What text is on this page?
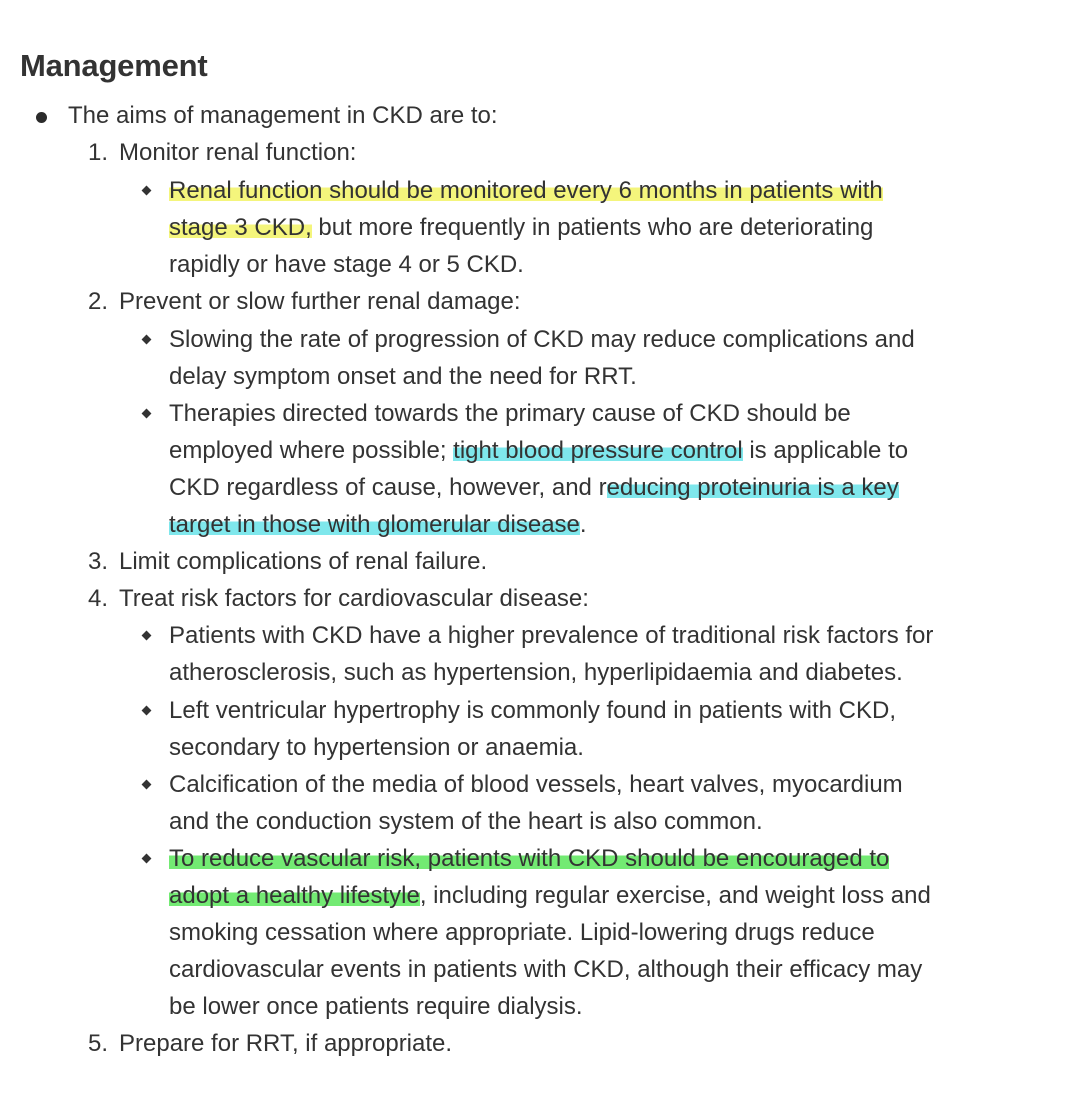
Management
The aims of management in CKD are to:
1. Monitor renal function:
Renal function should be monitored every 6 months in patients with
stage 3 CKD, but more frequently in patients who are deteriorating
rapidly or have stage 4 or 5 CKD.
2. Prevent or slow further renal damage:
Slowing the rate of progression of CKD may reduce complications and
delay symptom onset and the need for RRT.
Therapies directed towards the primary cause of CKD should be
employed where possible; tight blood pressure control is applicable to
CKD regardless of cause, however, and reducing proteinuria is a key
target in those with glomerular disease.
3. Limit complications of renal failure.
4. Treat risk factors for cardiovascular disease:
Patients with CKD have a higher prevalence of traditional risk factors for
atherosclerosis, such as hypertension, hyperlipidaemia and diabetes.
Left ventricular hypertrophy is commonly found in patients with CKD,
secondary to hypertension or anaemia.
Calcification of the media of blood vessels, heart valves, myocardium
and the conduction system of the heart is also common.
To reduce vascular risk, patients with CKD should be encouraged to
adopt a healthy lifestyle, including regular exercise, and weight loss and
smoking cessation where appropriate. Lipid-lowering drugs reduce
cardiovascular events in patients with CKD, although their efficacy may
be lower once patients require dialysis.
5. Prepare for RRT, if appropriate.
